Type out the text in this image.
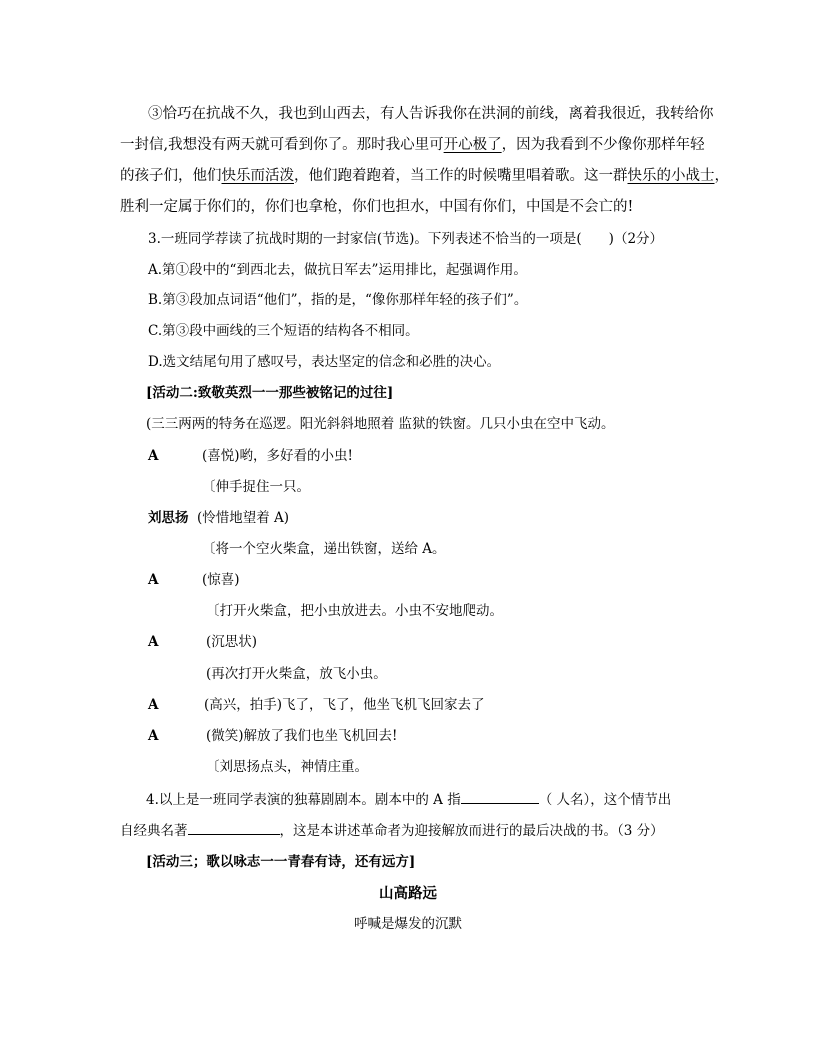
③恰巧在抗战不久，我也到山西去，有人告诉我你在洪洞的前线，离着我很近，我转给你
一封信,我想没有两天就可看到你了。那时我心里可开心极了，因为我看到不少像你那样年轻
的孩子们，他们快乐而活泼，他们跑着跑着，当工作的时候嘴里唱着歌。这一群快乐的小战士，
胜利一定属于你们的，你们也拿枪，你们也担水，中国有你们，中国是不会亡的!
3.一班同学荐读了抗战时期的一封家信(节选)。下列表述不恰当的一项是(　　)（2分）
A.第①段中的“到西北去，做抗日军去”运用排比，起强调作用。
B.第③段加点词语“他们”，指的是，“像你那样年轻的孩子们”。
C.第③段中画线的三个短语的结构各不相同。
D.选文结尾句用了感叹号，表达坚定的信念和必胜的决心。
[活动二:致敬英烈一一那些被铭记的过往]
(三三两两的特务在巡逻。阳光斜斜地照着 监狱的铁窗。几只小虫在空中飞动。
A	(喜悦)哟，多好看的小虫!
〔伸手捉住一只。
刘思扬 (怜惜地望着 A)
〔将一个空火柴盒，递出铁窗，送给 A。
A	(惊喜)
〔打开火柴盒，把小虫放进去。小虫不安地爬动。
A	(沉思状)
(再次打开火柴盒，放飞小虫。
A	(高兴，拍手)飞了，飞了，他坐飞机飞回家去了
A	(微笑)解放了我们也坐飞机回去!
〔刘思扬点头，神情庄重。
4.以上是一班同学表演的独幕剧剧本。剧本中的 A 指	（ 人名），这个情节出
自经典名著	，这是本讲述革命者为迎接解放而进行的最后决战的书。（3 分）
[活动三；歌以咏志一一青春有诗，还有远方]
山高路远
呼喊是爆发的沉默
